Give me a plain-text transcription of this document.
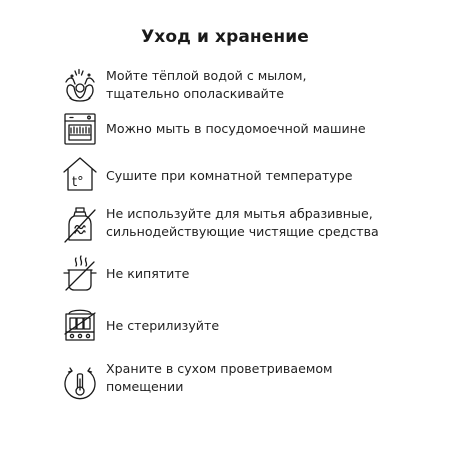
Уход и хранение
Мойте тёплой водой с мылом,
тщательно ополаскивайте
Можно мыть в посудомоечной машине
t° Сушите при комнатной температуре
Не используйте для мытья абразивные,
сильнодействующие чистящие средства
Не кипятите
Не стерилизуйте
Храните в сухом проветриваемом
помещении
